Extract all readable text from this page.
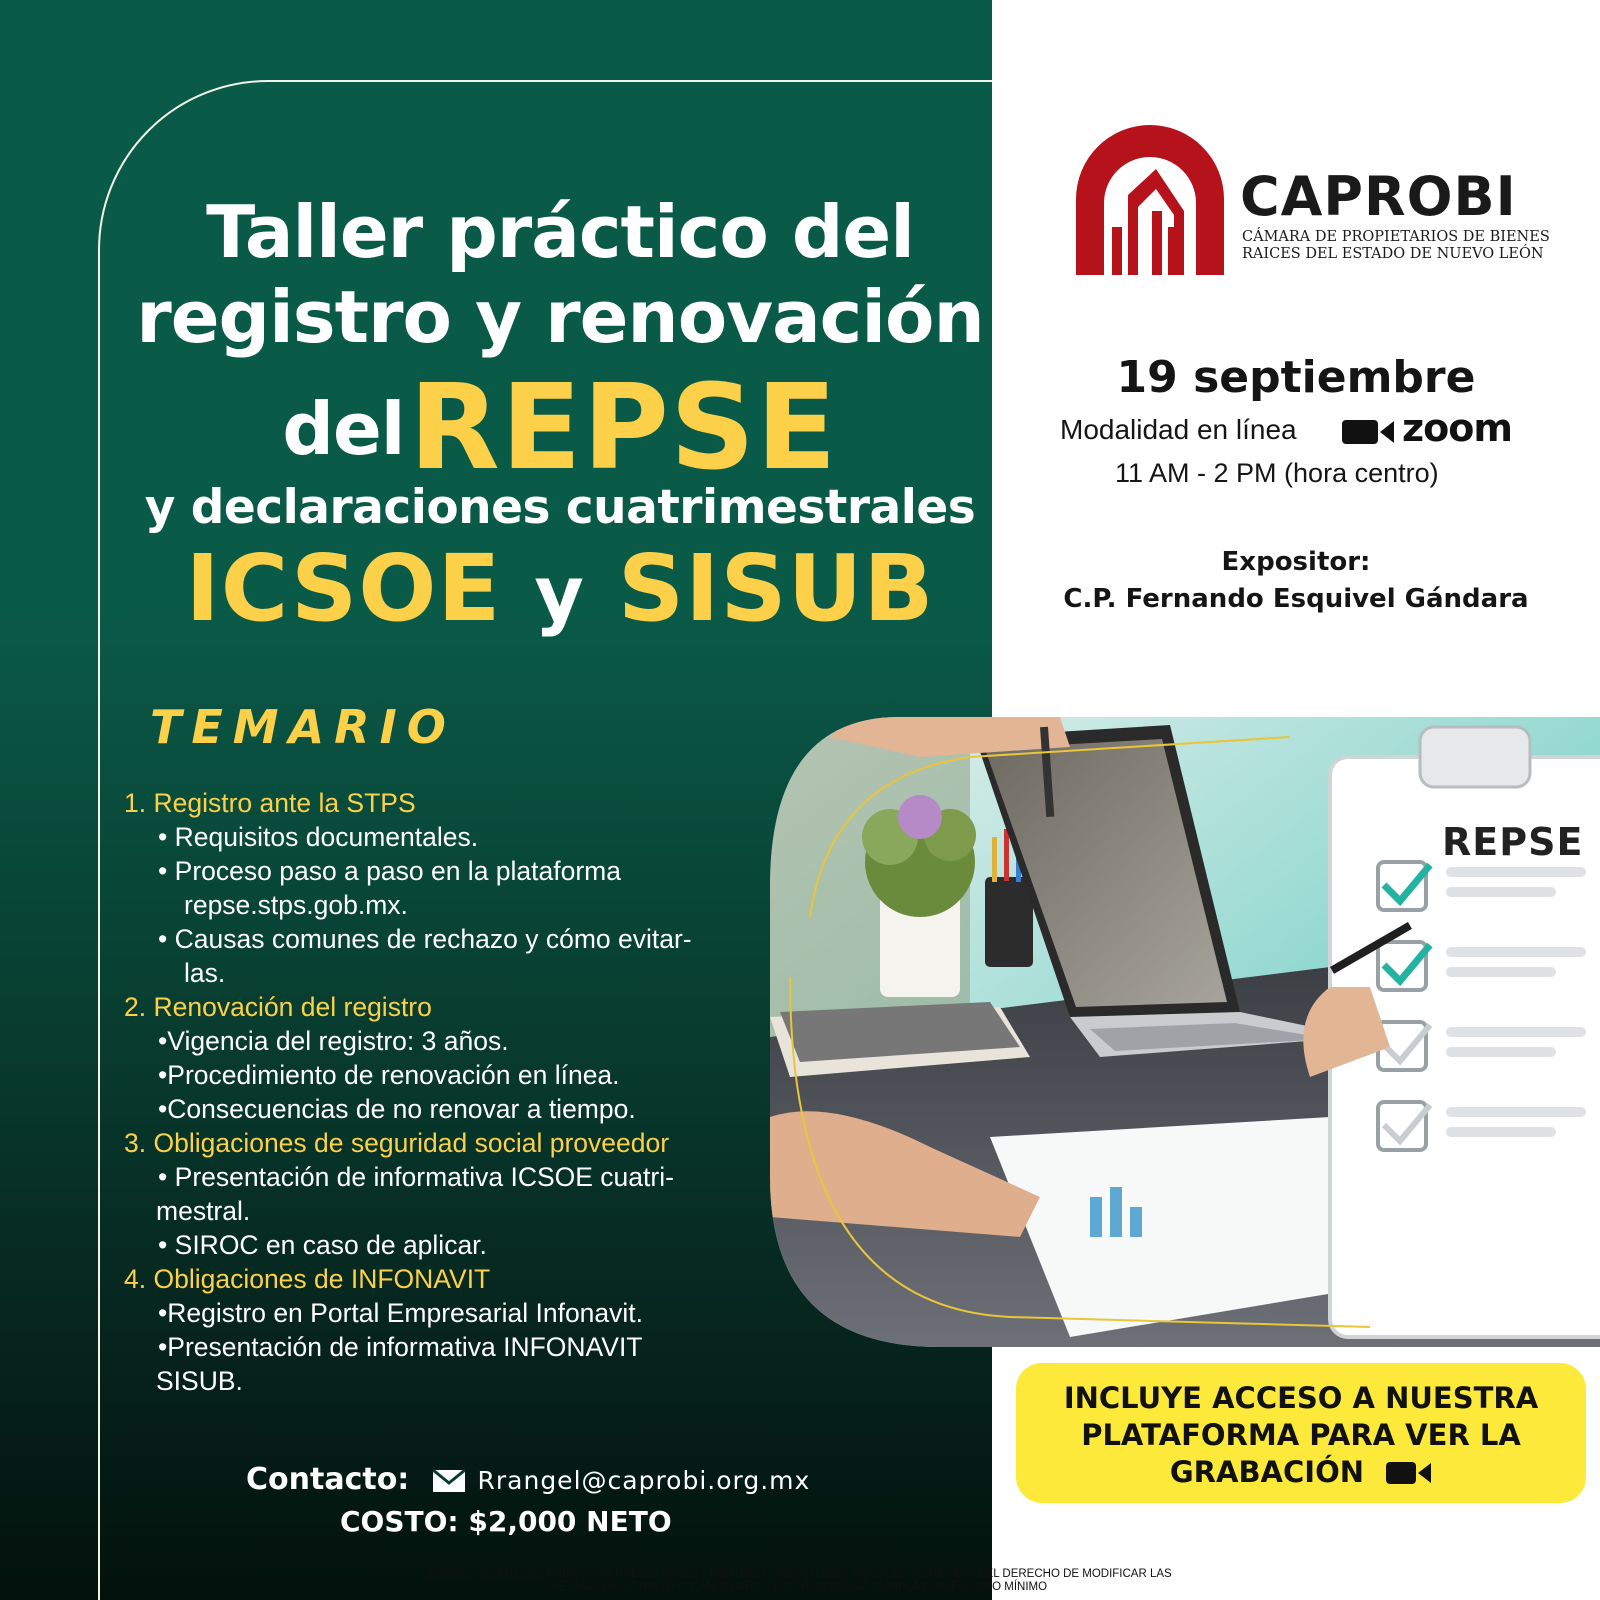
Taller práctico del
registro y renovación
del REPSE
y declaraciones cuatrimestrales
ICSOE y SISUB
TEMARIO
1. Registro ante la STPS
• Requisitos documentales.
• Proceso paso a paso en la plataforma
repse.stps.gob.mx.
• Causas comunes de rechazo y cómo evitar-
las.
2. Renovación del registro
•Vigencia del registro: 3 años.
•Procedimiento de renovación en línea.
•Consecuencias de no renovar a tiempo.
3. Obligaciones de seguridad social proveedor
• Presentación de informativa ICSOE cuatri-
mestral.
• SIROC en caso de aplicar.
4. Obligaciones de INFONAVIT
•Registro en Portal Empresarial Infonavit.
•Presentación de informativa INFONAVIT
SISUB.
Contacto:	Rrangel@caprobi.org.mx
COSTO: $2,000 NETO
CAPROBI
CÁMARA DE PROPIETARIOS DE BIENES
RAICES DEL ESTADO DE NUEVO LEÓN
19 septiembre
Modalidad en línea	zoom
11 AM - 2 PM (hora centro)
Expositor:
C.P. Fernando Esquivel Gándara
REPSE
INCLUYE ACCESO A NUESTRA
PLATAFORMA PARA VER LA
GRABACIÓN
EVENTO SUJETO A CAMBIOS SIN PREVIO AVISO. PIMENTEL CONSULTORES FISCALES SE RESERVA EL DERECHO DE MODIFICAR LAS
FECHAS DEL EVENTO O CANCELAR EL EVENTO QUE NO CUMPLA CON EL CUPO MÍNIMO
